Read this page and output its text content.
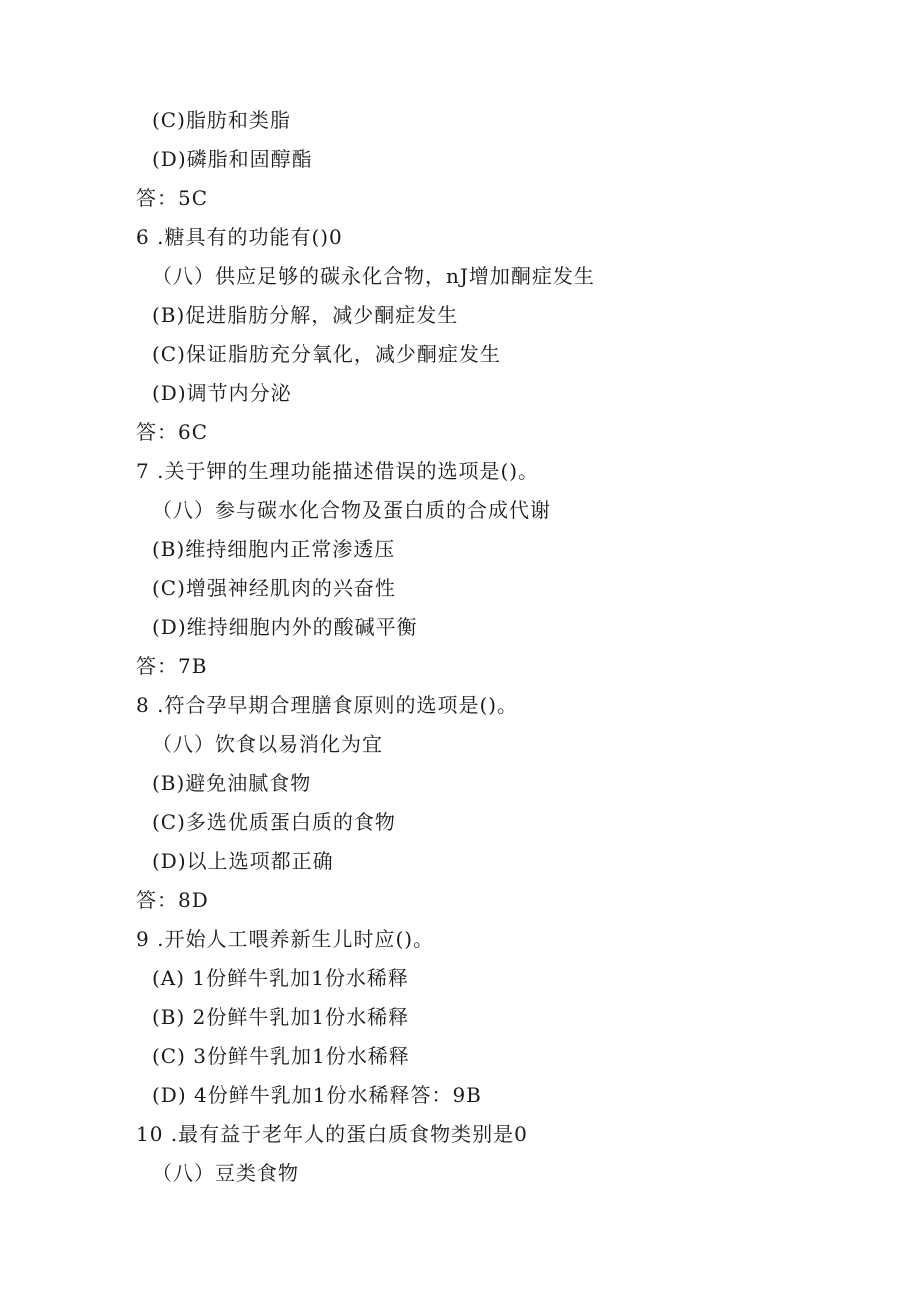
(C)脂肪和类脂
(D)磷脂和固醇酯
答：5C
6 .糖具有的功能有()0
（八）供应足够的碳永化合物，nJ增加酮症发生
(B)促进脂肪分解，减少酮症发生
(C)保证脂肪充分氧化，减少酮症发生
(D)调节内分泌
答：6C
7 .关于钾的生理功能描述借误的选项是()。
（八）参与碳水化合物及蛋白质的合成代谢
(B)维持细胞内正常渗透压
(C)增强神经肌肉的兴奋性
(D)维持细胞内外的酸碱平衡
答：7B
8 .符合孕早期合理膳食原则的选项是()。
（八）饮食以易消化为宜
(B)避免油腻食物
(C)多选优质蛋白质的食物
(D)以上选项都正确
答：8D
9 .开始人工喂养新生儿时应()。
(A) 1份鲜牛乳加1份水稀释
(B) 2份鲜牛乳加1份水稀释
(C) 3份鲜牛乳加1份水稀释
(D) 4份鲜牛乳加1份水稀释答：9B
10 .最有益于老年人的蛋白质食物类别是0
（八）豆类食物
